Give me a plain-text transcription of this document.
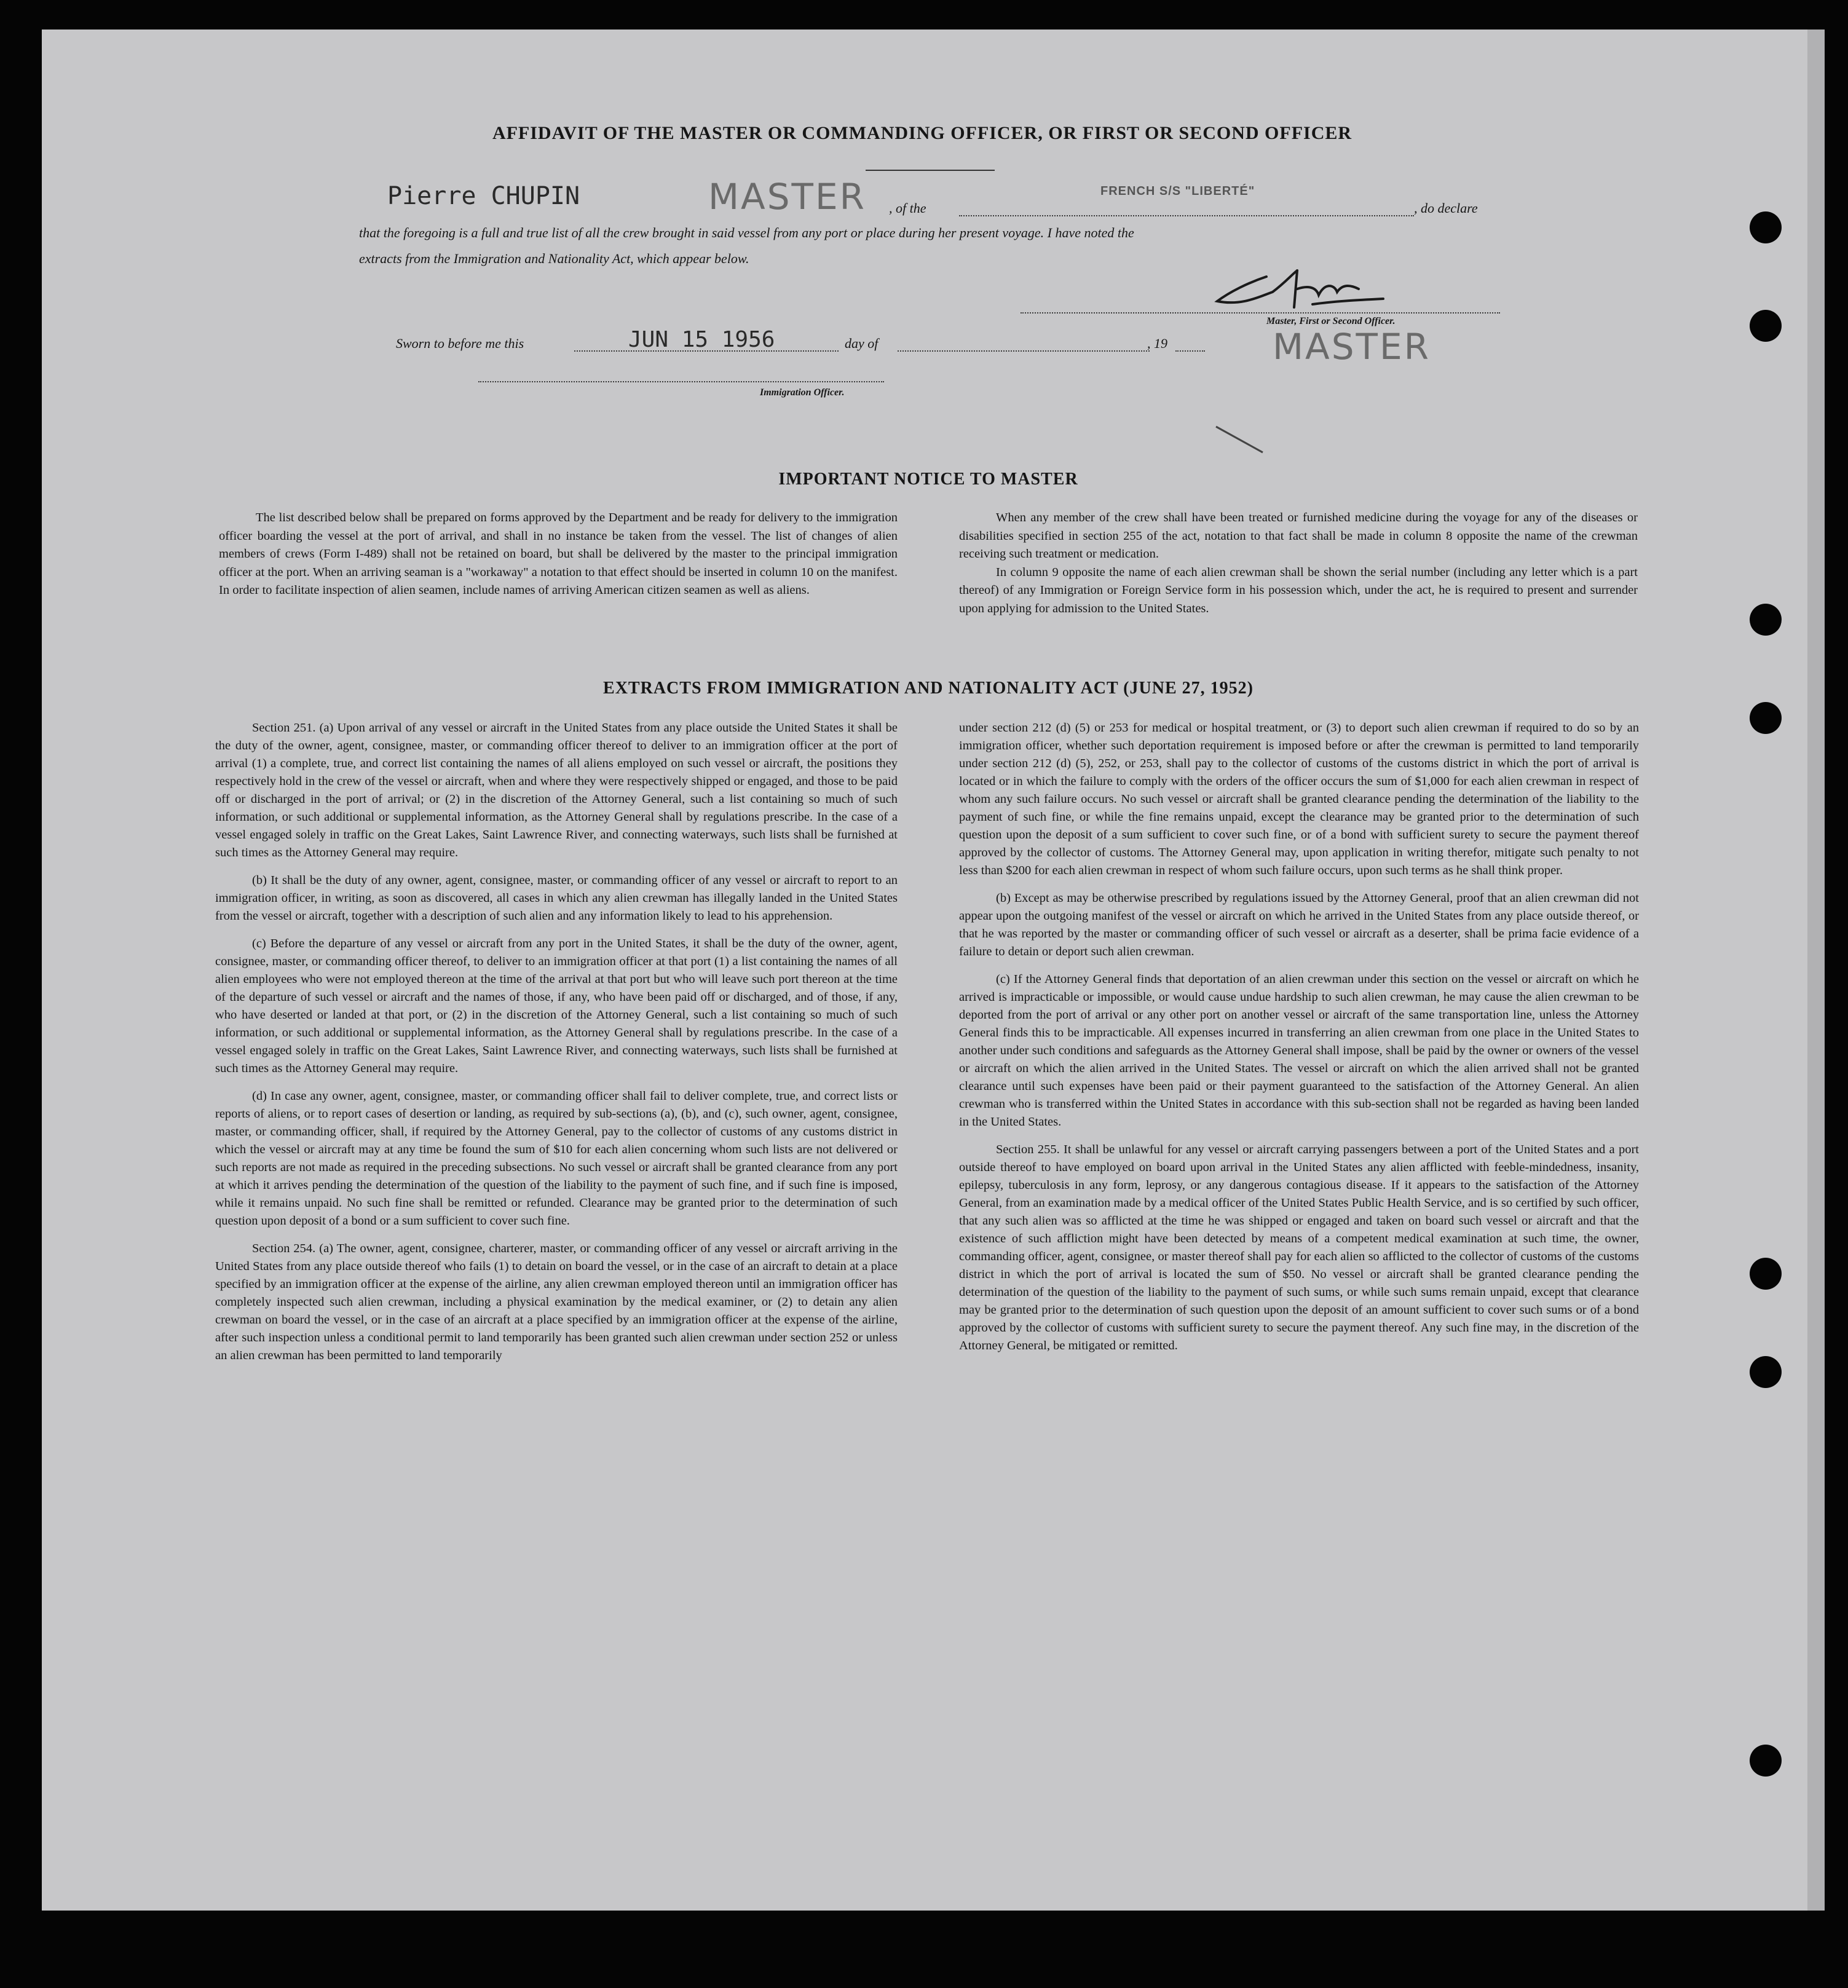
AFFIDAVIT OF THE MASTER OR COMMANDING OFFICER, OR FIRST OR SECOND OFFICER
Pierre CHUPIN	MASTER , of the
FRENCH S/S "LIBERTÉ"
, do declare
that the foregoing is a full and true list of all the crew brought in said vessel from any port or place during her present voyage. I have noted the
extracts from the Immigration and Nationality Act, which appear below.
Master, First or Second Officer.
MASTER
Sworn to before me this	JUN 15 1956	day of	, 19
Immigration Officer.
IMPORTANT NOTICE TO MASTER

The list described below shall be prepared on forms approved by the Department and be ready for delivery to the immigration officer boarding the vessel at the port of arrival, and shall in no instance be taken from the vessel. The list of changes of alien members of crews (Form I-489) shall not be retained on board, but shall be delivered by the master to the principal immigration officer at the port. When an arriving seaman is a "workaway" a notation to that effect should be inserted in column 10 on the manifest. In order to facilitate inspection of alien seamen, include names of arriving American citizen seamen as well as aliens.

When any member of the crew shall have been treated or furnished medicine during the voyage for any of the diseases or disabilities specified in section 255 of the act, notation to that fact shall be made in column 8 opposite the name of the crewman receiving such treatment or medication.

In column 9 opposite the name of each alien crewman shall be shown the serial number (including any letter which is a part thereof) of any Immigration or Foreign Service form in his possession which, under the act, he is required to present and surrender upon applying for admission to the United States.

EXTRACTS FROM IMMIGRATION AND NATIONALITY ACT (JUNE 27, 1952)

Section 251. (a) Upon arrival of any vessel or aircraft in the United States from any place outside the United States it shall be the duty of the owner, agent, consignee, master, or commanding officer thereof to deliver to an immigration officer at the port of arrival (1) a complete, true, and correct list containing the names of all aliens employed on such vessel or aircraft, the positions they respectively hold in the crew of the vessel or aircraft, when and where they were respectively shipped or engaged, and those to be paid off or discharged in the port of arrival; or (2) in the discretion of the Attorney General, such a list containing so much of such information, or such additional or supplemental information, as the Attorney General shall by regulations prescribe. In the case of a vessel engaged solely in traffic on the Great Lakes, Saint Lawrence River, and connecting waterways, such lists shall be furnished at such times as the Attorney General may require.

(b) It shall be the duty of any owner, agent, consignee, master, or commanding officer of any vessel or aircraft to report to an immigration officer, in writing, as soon as discovered, all cases in which any alien crewman has illegally landed in the United States from the vessel or aircraft, together with a description of such alien and any information likely to lead to his apprehension.

(c) Before the departure of any vessel or aircraft from any port in the United States, it shall be the duty of the owner, agent, consignee, master, or commanding officer thereof, to deliver to an immigration officer at that port (1) a list containing the names of all alien employees who were not employed thereon at the time of the arrival at that port but who will leave such port thereon at the time of the departure of such vessel or aircraft and the names of those, if any, who have been paid off or discharged, and of those, if any, who have deserted or landed at that port, or (2) in the discretion of the Attorney General, such a list containing so much of such information, or such additional or supplemental information, as the Attorney General shall by regulations prescribe. In the case of a vessel engaged solely in traffic on the Great Lakes, Saint Lawrence River, and connecting waterways, such lists shall be furnished at such times as the Attorney General may require.

(d) In case any owner, agent, consignee, master, or commanding officer shall fail to deliver complete, true, and correct lists or reports of aliens, or to report cases of desertion or landing, as required by sub-sections (a), (b), and (c), such owner, agent, consignee, master, or commanding officer, shall, if required by the Attorney General, pay to the collector of customs of any customs district in which the vessel or aircraft may at any time be found the sum of $10 for each alien concerning whom such lists are not delivered or such reports are not made as required in the preceding subsections. No such vessel or aircraft shall be granted clearance from any port at which it arrives pending the determination of the question of the liability to the payment of such fine, and if such fine is imposed, while it remains unpaid. No such fine shall be remitted or refunded. Clearance may be granted prior to the determination of such question upon deposit of a bond or a sum sufficient to cover such fine.

Section 254. (a) The owner, agent, consignee, charterer, master, or commanding officer of any vessel or aircraft arriving in the United States from any place outside thereof who fails (1) to detain on board the vessel, or in the case of an aircraft to detain at a place specified by an immigration officer at the expense of the airline, any alien crewman employed thereon until an immigration officer has completely inspected such alien crewman, including a physical examination by the medical examiner, or (2) to detain any alien crewman on board the vessel, or in the case of an aircraft at a place specified by an immigration officer at the expense of the airline, after such inspection unless a conditional permit to land temporarily has been granted such alien crewman under section 252 or unless an alien crewman has been permitted to land temporarily

under section 212 (d) (5) or 253 for medical or hospital treatment, or (3) to deport such alien crewman if required to do so by an immigration officer, whether such deportation requirement is imposed before or after the crewman is permitted to land temporarily under section 212 (d) (5), 252, or 253, shall pay to the collector of customs of the customs district in which the port of arrival is located or in which the failure to comply with the orders of the officer occurs the sum of $1,000 for each alien crewman in respect of whom any such failure occurs. No such vessel or aircraft shall be granted clearance pending the determination of the liability to the payment of such fine, or while the fine remains unpaid, except the clearance may be granted prior to the determination of such question upon the deposit of a sum sufficient to cover such fine, or of a bond with sufficient surety to secure the payment thereof approved by the collector of customs. The Attorney General may, upon application in writing therefor, mitigate such penalty to not less than $200 for each alien crewman in respect of whom such failure occurs, upon such terms as he shall think proper.

(b) Except as may be otherwise prescribed by regulations issued by the Attorney General, proof that an alien crewman did not appear upon the outgoing manifest of the vessel or aircraft on which he arrived in the United States from any place outside thereof, or that he was reported by the master or commanding officer of such vessel or aircraft as a deserter, shall be prima facie evidence of a failure to detain or deport such alien crewman.

(c) If the Attorney General finds that deportation of an alien crewman under this section on the vessel or aircraft on which he arrived is impracticable or impossible, or would cause undue hardship to such alien crewman, he may cause the alien crewman to be deported from the port of arrival or any other port on another vessel or aircraft of the same transportation line, unless the Attorney General finds this to be impracticable. All expenses incurred in transferring an alien crewman from one place in the United States to another under such conditions and safeguards as the Attorney General shall impose, shall be paid by the owner or owners of the vessel or aircraft on which the alien arrived in the United States. The vessel or aircraft on which the alien arrived shall not be granted clearance until such expenses have been paid or their payment guaranteed to the satisfaction of the Attorney General. An alien crewman who is transferred within the United States in accordance with this sub-section shall not be regarded as having been landed in the United States.

Section 255. It shall be unlawful for any vessel or aircraft carrying passengers between a port of the United States and a port outside thereof to have employed on board upon arrival in the United States any alien afflicted with feeble-mindedness, insanity, epilepsy, tuberculosis in any form, leprosy, or any dangerous contagious disease. If it appears to the satisfaction of the Attorney General, from an examination made by a medical officer of the United States Public Health Service, and is so certified by such officer, that any such alien was so afflicted at the time he was shipped or engaged and taken on board such vessel or aircraft and that the existence of such affliction might have been detected by means of a competent medical examination at such time, the owner, commanding officer, agent, consignee, or master thereof shall pay for each alien so afflicted to the collector of customs of the customs district in which the port of arrival is located the sum of $50. No vessel or aircraft shall be granted clearance pending the determination of the question of the liability to the payment of such sums, or while such sums remain unpaid, except that clearance may be granted prior to the determination of such question upon the deposit of an amount sufficient to cover such sums or of a bond approved by the collector of customs with sufficient surety to secure the payment thereof. Any such fine may, in the discretion of the Attorney General, be mitigated or remitted.
